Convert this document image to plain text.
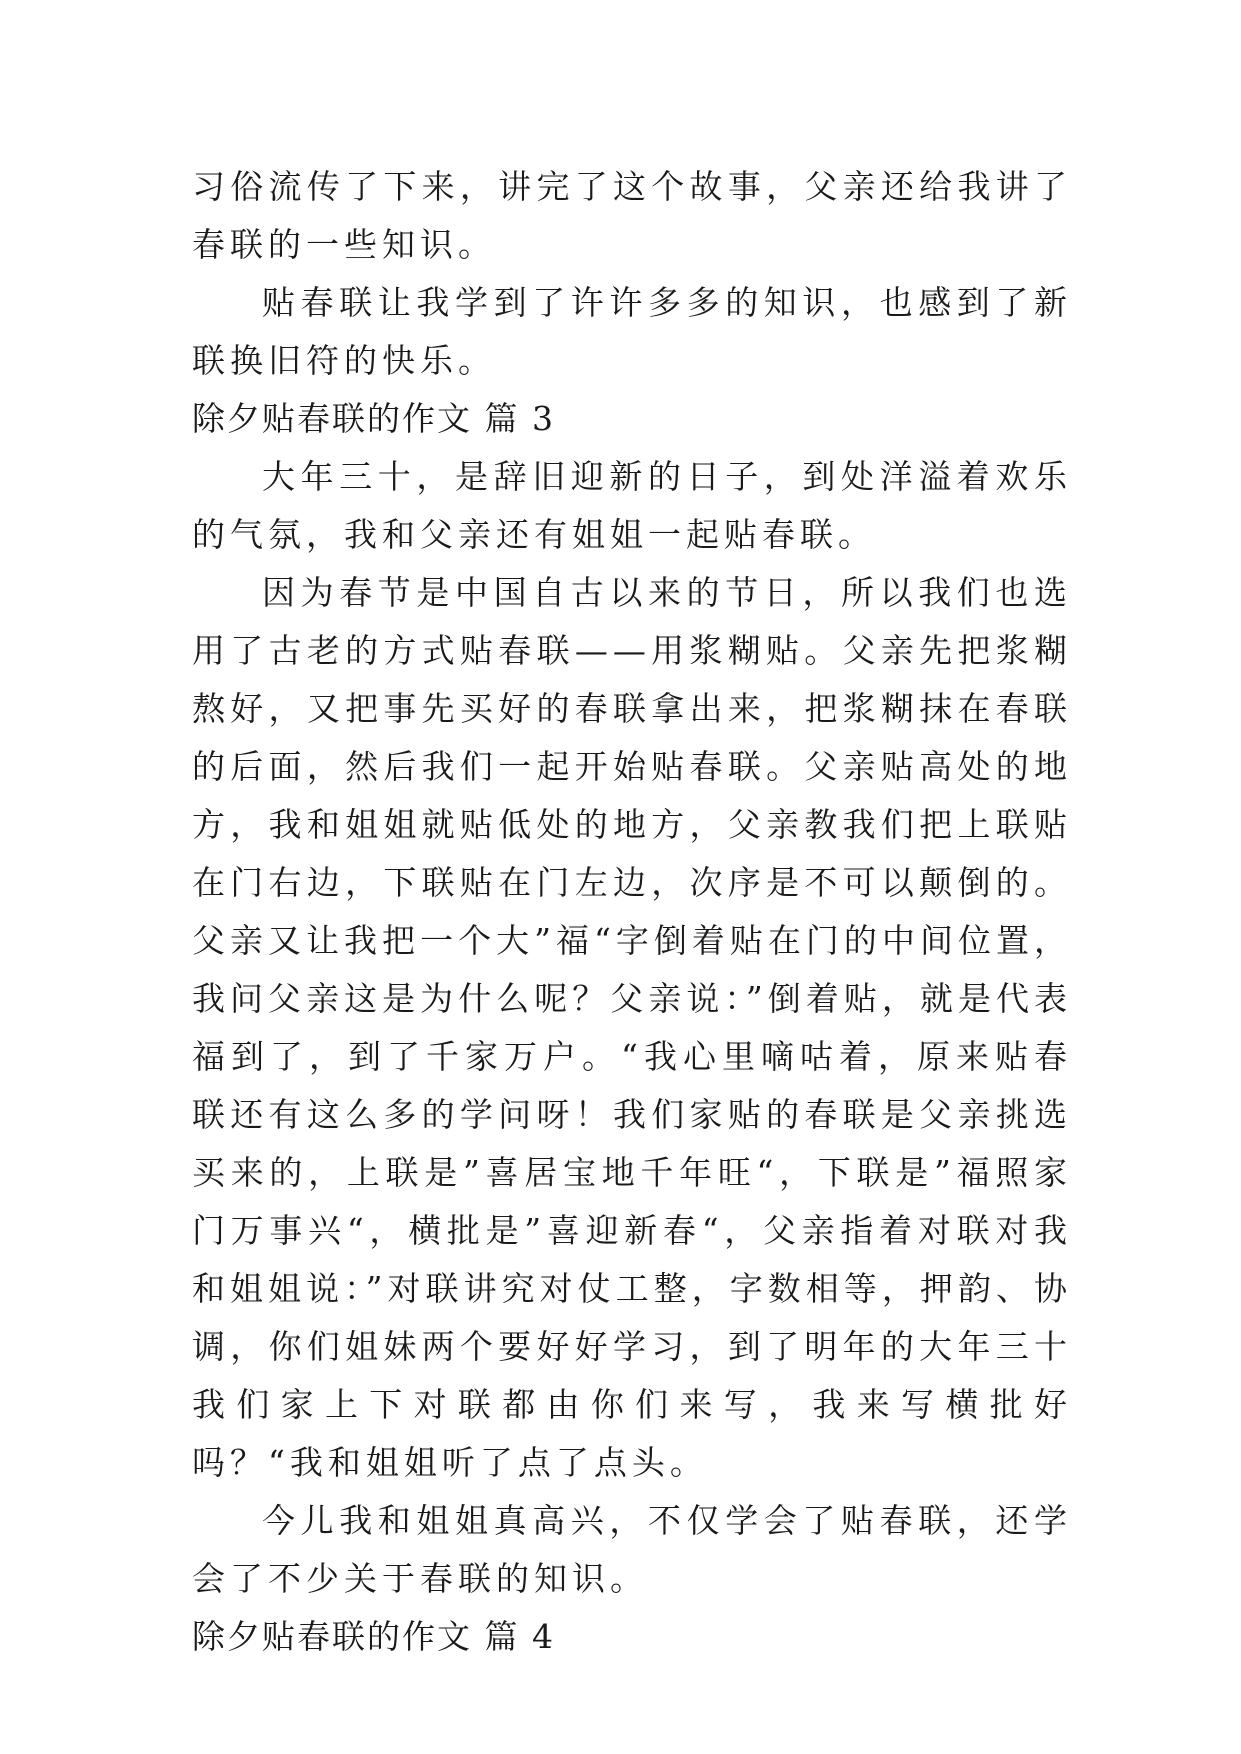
习俗流传了下来，讲完了这个故事，父亲还给我讲了春联的一些知识。

贴春联让我学到了许许多多的知识，也感到了新联换旧符的快乐。

除夕贴春联的作文 篇 3

大年三十，是辞旧迎新的日子，到处洋溢着欢乐的气氛，我和父亲还有姐姐一起贴春联。

因为春节是中国自古以来的节日，所以我们也选用了古老的方式贴春联——用浆糊贴。父亲先把浆糊熬好，又把事先买好的春联拿出来，把浆糊抹在春联的后面，然后我们一起开始贴春联。父亲贴高处的地方，我和姐姐就贴低处的地方，父亲教我们把上联贴在门右边，下联贴在门左边，次序是不可以颠倒的。父亲又让我把一个大”福“字倒着贴在门的中间位置，我问父亲这是为什么呢？父亲说：”倒着贴，就是代表福到了，到了千家万户。“我心里嘀咕着，原来贴春联还有这么多的学问呀！我们家贴的春联是父亲挑选买来的，上联是”喜居宝地千年旺“，下联是”福照家门万事兴“，横批是”喜迎新春“，父亲指着对联对我和姐姐说：”对联讲究对仗工整，字数相等，押韵、协调，你们姐妹两个要好好学习，到了明年的大年三十我们家上下对联都由你们来写，我来写横批好吗？“我和姐姐听了点了点头。

今儿我和姐姐真高兴，不仅学会了贴春联，还学会了不少关于春联的知识。

除夕贴春联的作文 篇 4
